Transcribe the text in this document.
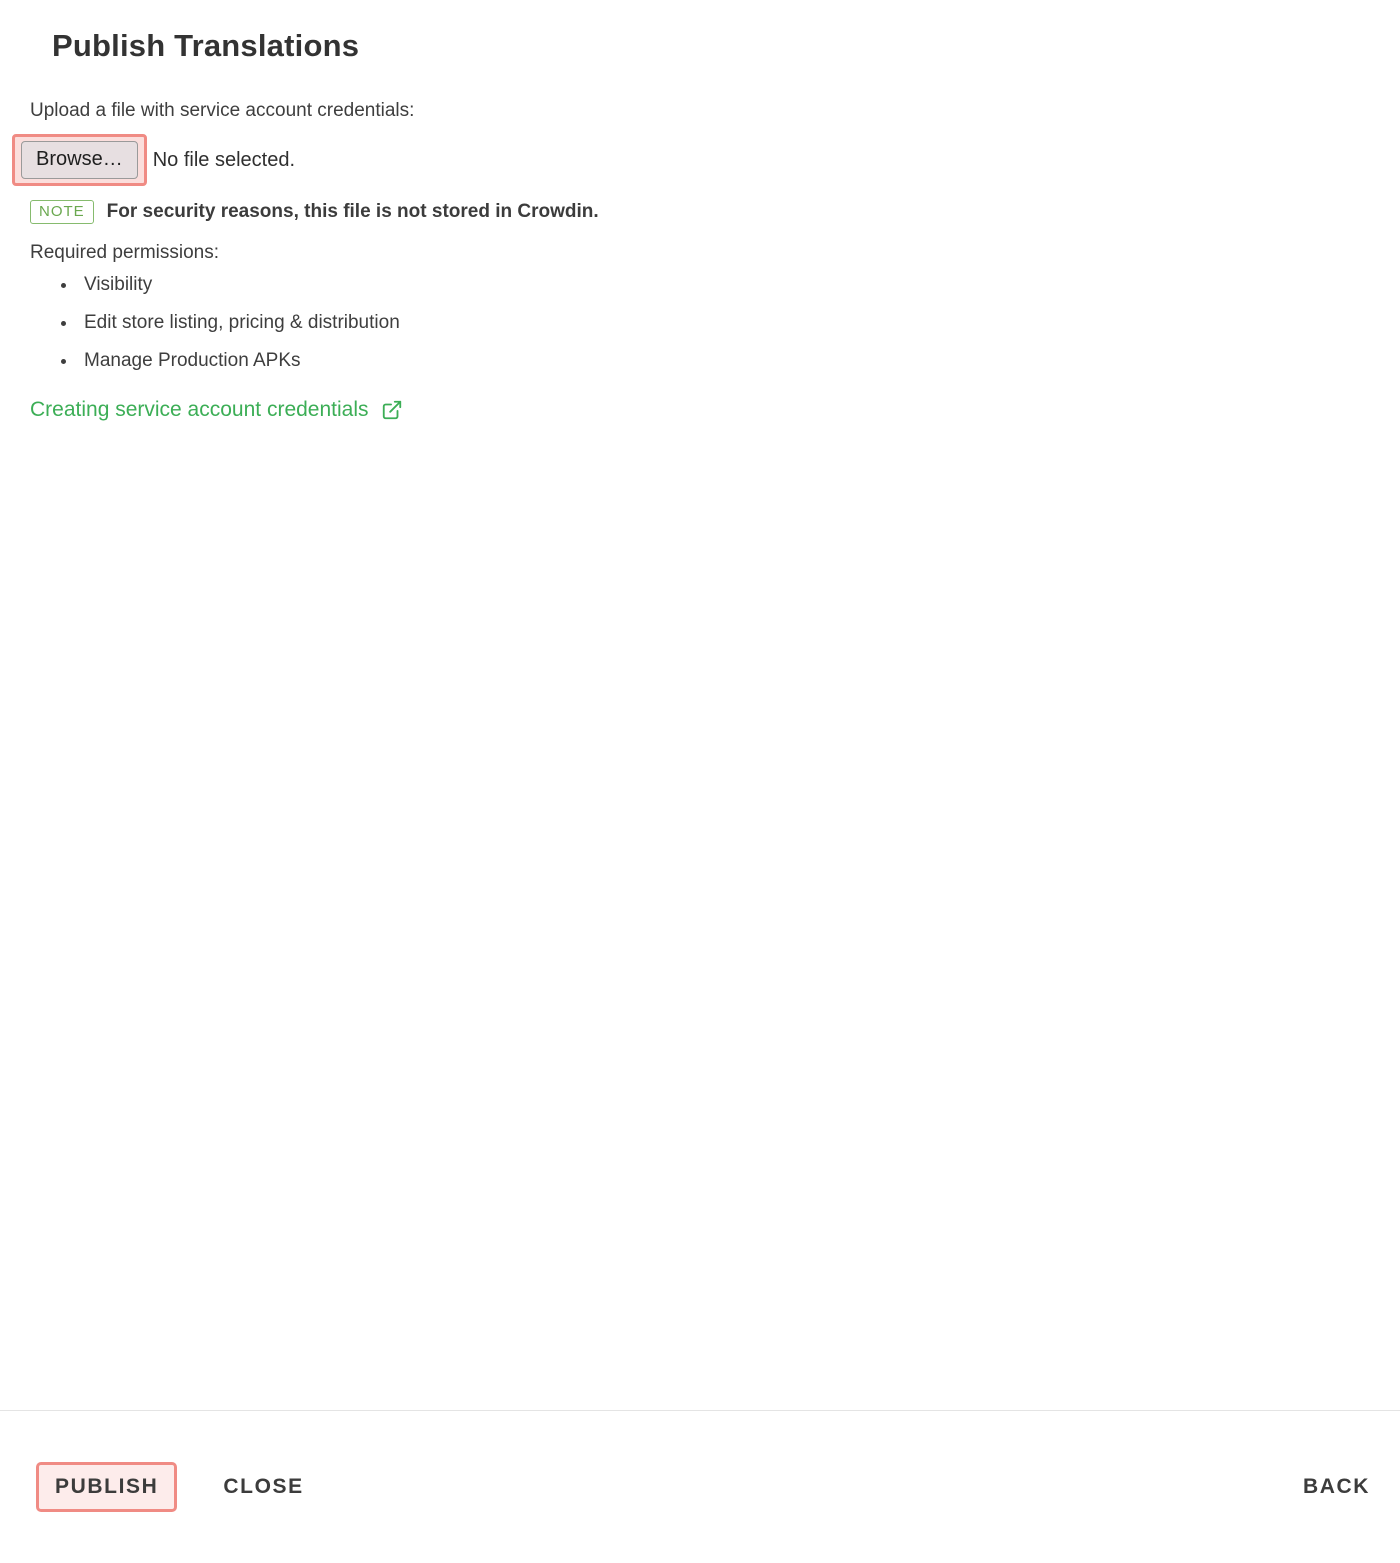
Publish Translations

Upload a file with service account credentials:

Browse…	No file selected.
NOTE	For security reasons, this file is not stored in Crowdin.

Required permissions:

• Visibility
• Edit store listing, pricing & distribution
• Manage Production APKs
Creating service account credentials
PUBLISH	CLOSE	BACK
